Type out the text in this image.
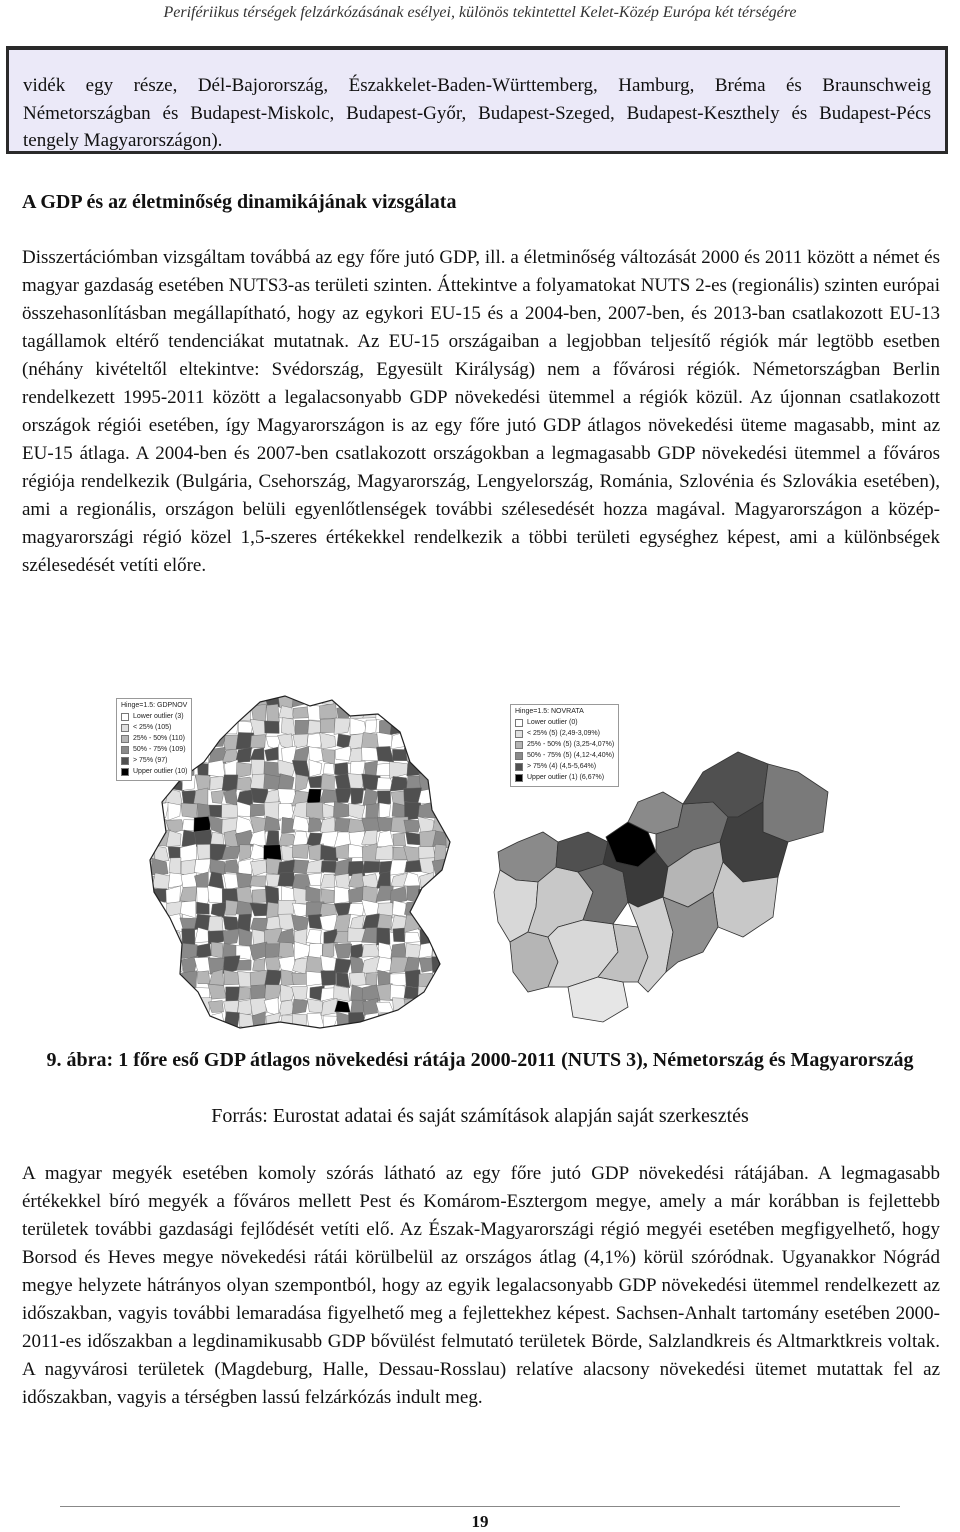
Perifériikus térségek felzárkózásának esélyei, különös tekintettel Kelet-Közép Európa két térségére

vidék egy része, Dél-Bajorország, Északkelet-Baden-Württemberg, Hamburg, Bréma és Braunschweig Németországban és Budapest-Miskolc, Budapest-Győr, Budapest-Szeged, Budapest-Keszthely és Budapest-Pécs tengely Magyarországon).

A GDP és az életminőség dinamikájának vizsgálata

Disszertációmban vizsgáltam továbbá az egy főre jutó GDP, ill. a életminőség változását 2000 és 2011 között a német és magyar gazdaság esetében NUTS3-as területi szinten. Áttekintve a folyamatokat NUTS 2-es (regionális) szinten európai összehasonlításban megállapítható, hogy az egykori EU-15 és a 2004-ben, 2007-ben, és 2013-ban csatlakozott EU-13 tagállamok eltérő tendenciákat mutatnak. Az EU-15 országaiban a legjobban teljesítő régiók már legtöbb esetben (néhány kivételtől eltekintve: Svédország, Egyesült Királyság) nem a fővárosi régiók. Németországban Berlin rendelkezett 1995-2011 között a legalacsonyabb GDP növekedési ütemmel a régiók közül. Az újonnan csatlakozott országok régiói esetében, így Magyarországon is az egy főre jutó GDP átlagos növekedési üteme magasabb, mint az EU-15 átlaga. A 2004-ben és 2007-ben csatlakozott országokban a legmagasabb GDP növekedési ütemmel a főváros régiója rendelkezik (Bulgária, Csehország, Magyarország, Lengyelország, Románia, Szlovénia és Szlovákia esetében), ami a regionális, országon belüli egyenlőtlenségek további szélesedését hozza magával. Magyarországon a közép-magyarországi régió közel 1,5-szeres értékekkel rendelkezik a többi területi egységhez képest, ami a különbségek szélesedését vetíti előre.

Hinge=1.5: GDPNOV
Lower outlier (3)
< 25% (105)
25% - 50% (110)
50% - 75% (109)
> 75% (97)
Upper outlier (10)
Hinge=1.5: NOVRATA
Lower outlier (0)
< 25% (5) (2,49-3,09%)
25% - 50% (5) (3,25-4,07%)
50% - 75% (5) (4,12-4,40%)
> 75% (4) (4,5-5,64%)
Upper outlier (1) (6,67%)
9. ábra: 1 főre eső GDP átlagos növekedési rátája 2000-2011 (NUTS 3), Németország és Magyarország
Forrás: Eurostat adatai és saját számítások alapján saját szerkesztés

A magyar megyék esetében komoly szórás látható az egy főre jutó GDP növekedési rátájában. A legmagasabb értékekkel bíró megyék a főváros mellett Pest és Komárom-Esztergom megye, amely a már korábban is fejlettebb területek további gazdasági fejlődését vetíti elő. Az Észak-Magyarországi régió megyéi esetében megfigyelhető, hogy Borsod és Heves megye növekedési rátái körülbelül az országos átlag (4,1%) körül szóródnak. Ugyanakkor Nógrád megye helyzete hátrányos olyan szempontból, hogy az egyik legalacsonyabb GDP növekedési ütemmel rendelkezett az időszakban, vagyis további lemaradása figyelhető meg a fejlettekhez képest. Sachsen-Anhalt tartomány esetében 2000-2011-es időszakban a legdinamikusabb GDP bővülést felmutató területek Börde, Salzlandkreis és Altmarktkreis voltak. A nagyvárosi területek (Magdeburg, Halle, Dessau-Rosslau) relatíve alacsony növekedési ütemet mutattak fel az időszakban, vagyis a térségben lassú felzárkózás indult meg.

19
